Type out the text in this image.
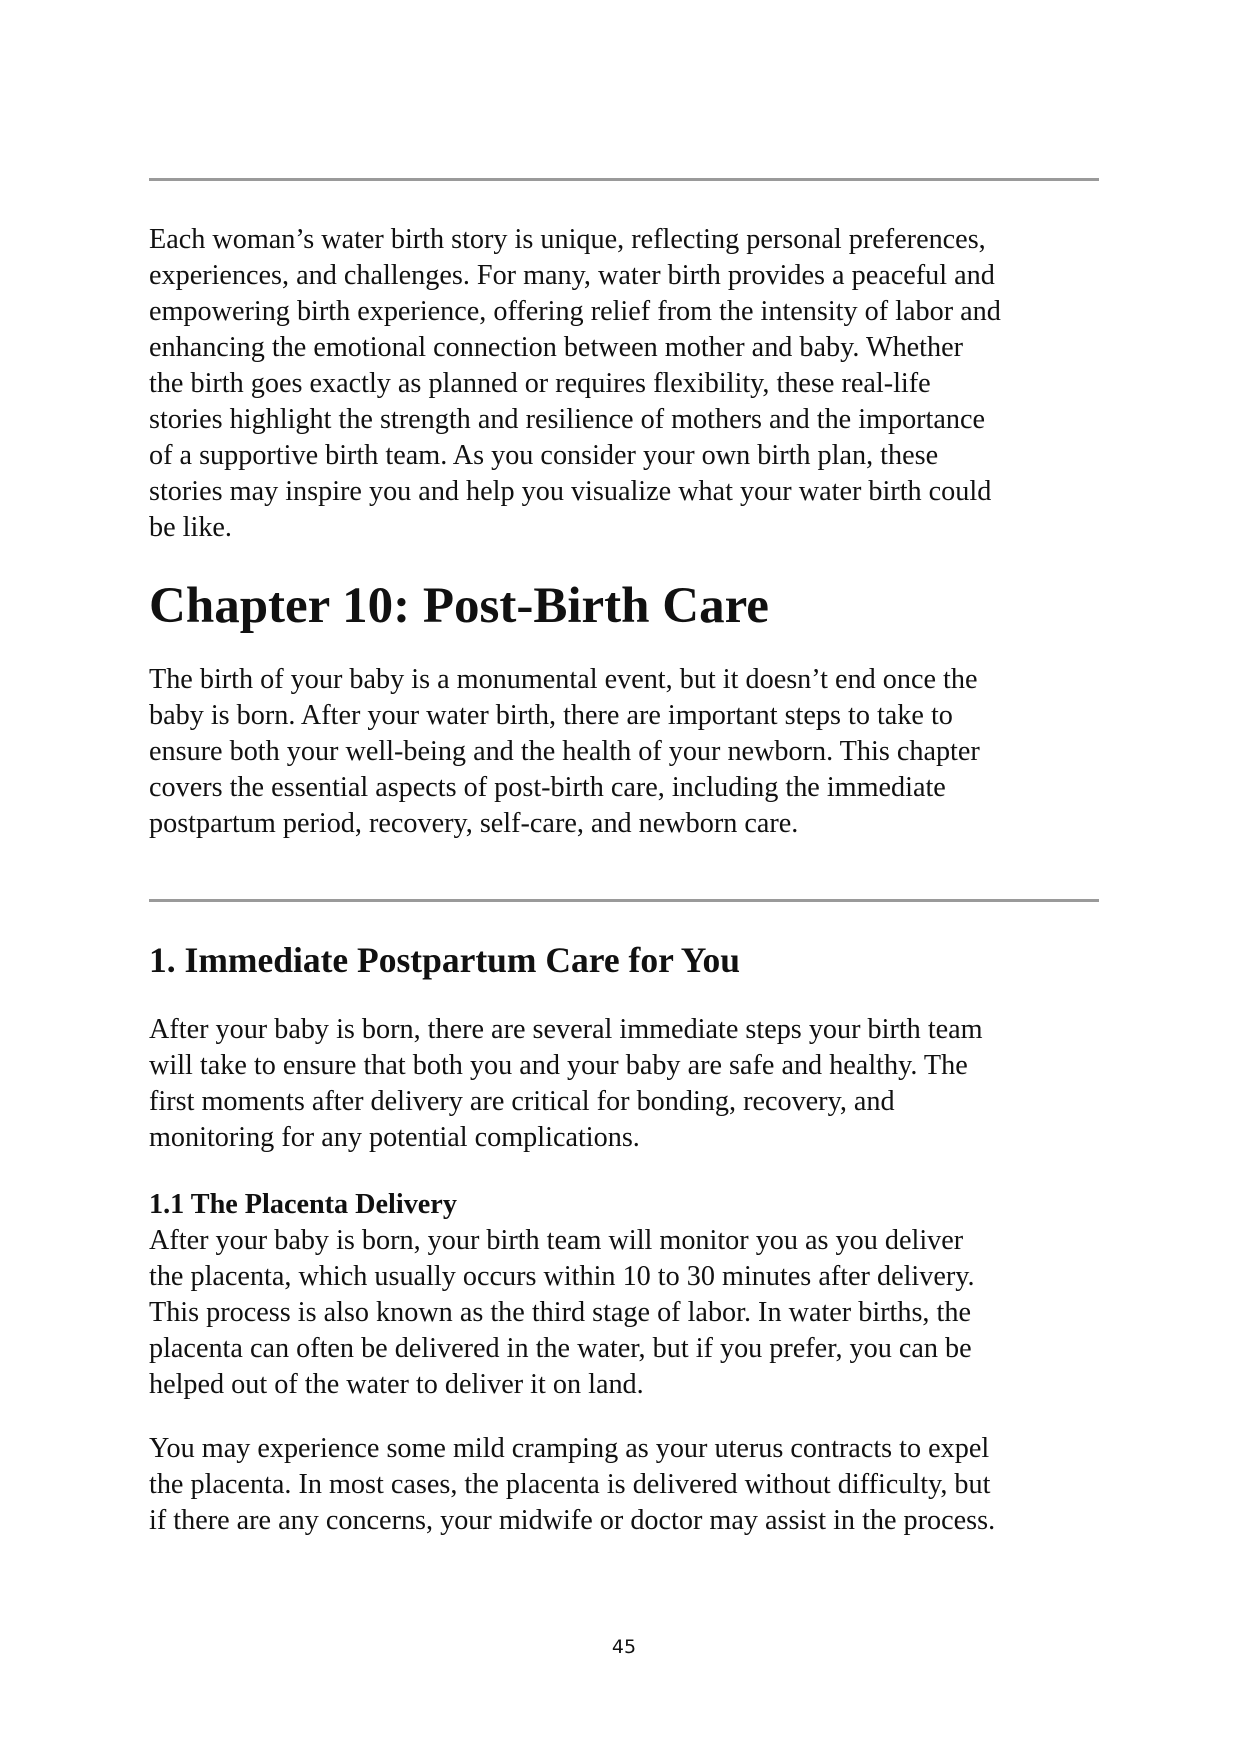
Each woman’s water birth story is unique, reflecting personal preferences,
experiences, and challenges. For many, water birth provides a peaceful and
empowering birth experience, offering relief from the intensity of labor and
enhancing the emotional connection between mother and baby. Whether
the birth goes exactly as planned or requires flexibility, these real-life
stories highlight the strength and resilience of mothers and the importance
of a supportive birth team. As you consider your own birth plan, these
stories may inspire you and help you visualize what your water birth could
be like.

Chapter 10: Post-Birth Care

The birth of your baby is a monumental event, but it doesn’t end once the
baby is born. After your water birth, there are important steps to take to
ensure both your well-being and the health of your newborn. This chapter
covers the essential aspects of post-birth care, including the immediate
postpartum period, recovery, self-care, and newborn care.

1. Immediate Postpartum Care for You

After your baby is born, there are several immediate steps your birth team
will take to ensure that both you and your baby are safe and healthy. The
first moments after delivery are critical for bonding, recovery, and
monitoring for any potential complications.

1.1 The Placenta Delivery

After your baby is born, your birth team will monitor you as you deliver
the placenta, which usually occurs within 10 to 30 minutes after delivery.
This process is also known as the third stage of labor. In water births, the
placenta can often be delivered in the water, but if you prefer, you can be
helped out of the water to deliver it on land.

You may experience some mild cramping as your uterus contracts to expel
the placenta. In most cases, the placenta is delivered without difficulty, but
if there are any concerns, your midwife or doctor may assist in the process.

45
